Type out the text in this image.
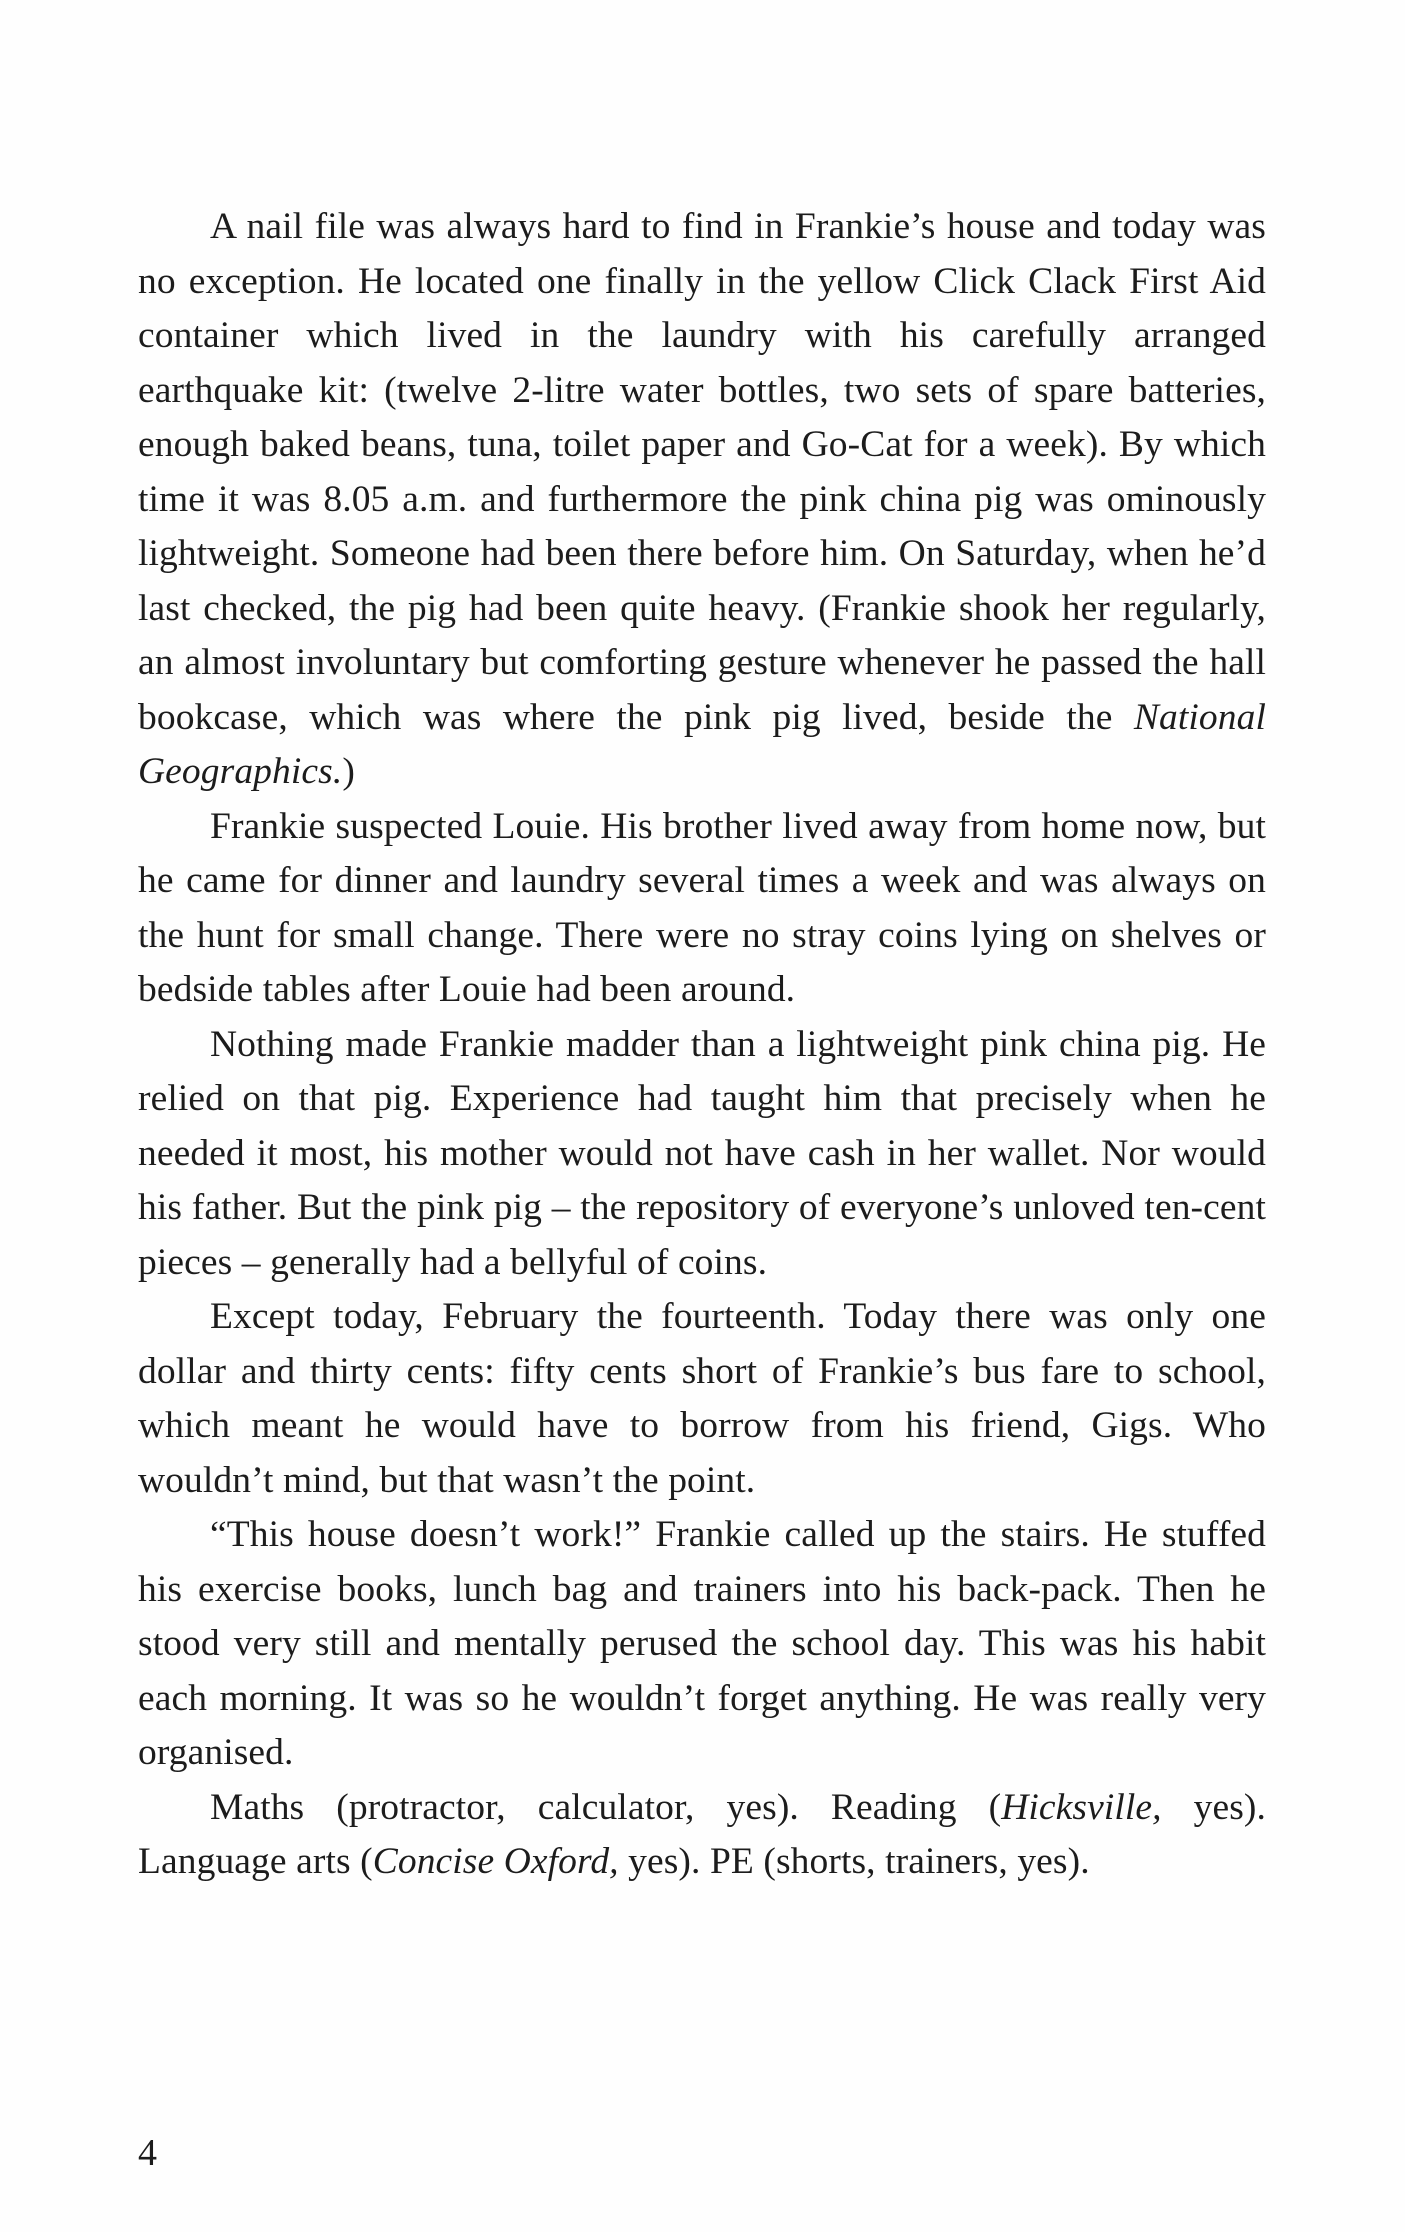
A nail file was always hard to find in Frankie’s house and today was no exception. He located one finally in the yellow Click Clack First Aid container which lived in the laundry with his carefully arranged earthquake kit: (twelve 2-litre water bottles, two sets of spare batteries, enough baked beans, tuna, toilet paper and Go-Cat for a week). By which time it was 8.05 a.m. and furthermore the pink china pig was ominously lightweight. Someone had been there before him. On Saturday, when he’d last checked, the pig had been quite heavy. (Frankie shook her regularly, an almost involuntary but comforting gesture whenever he passed the hall bookcase, which was where the pink pig lived, beside the National Geographics.)

Frankie suspected Louie. His brother lived away from home now, but he came for dinner and laundry several times a week and was always on the hunt for small change. There were no stray coins lying on shelves or bedside tables after Louie had been around.

Nothing made Frankie madder than a lightweight pink china pig. He relied on that pig. Experience had taught him that precisely when he needed it most, his mother would not have cash in her wallet. Nor would his father. But the pink pig – the repository of everyone’s unloved ten-cent pieces – generally had a bellyful of coins.

Except today, February the fourteenth. Today there was only one dollar and thirty cents: fifty cents short of Frankie’s bus fare to school, which meant he would have to borrow from his friend, Gigs. Who wouldn’t mind, but that wasn’t the point.

“This house doesn’t work!” Frankie called up the stairs. He stuffed his exercise books, lunch bag and trainers into his back-pack. Then he stood very still and mentally perused the school day. This was his habit each morning. It was so he wouldn’t forget anything. He was really very organised.

Maths (protractor, calculator, yes). Reading (Hicksville, yes). Language arts (Concise Oxford, yes). PE (shorts, trainers, yes).

4
